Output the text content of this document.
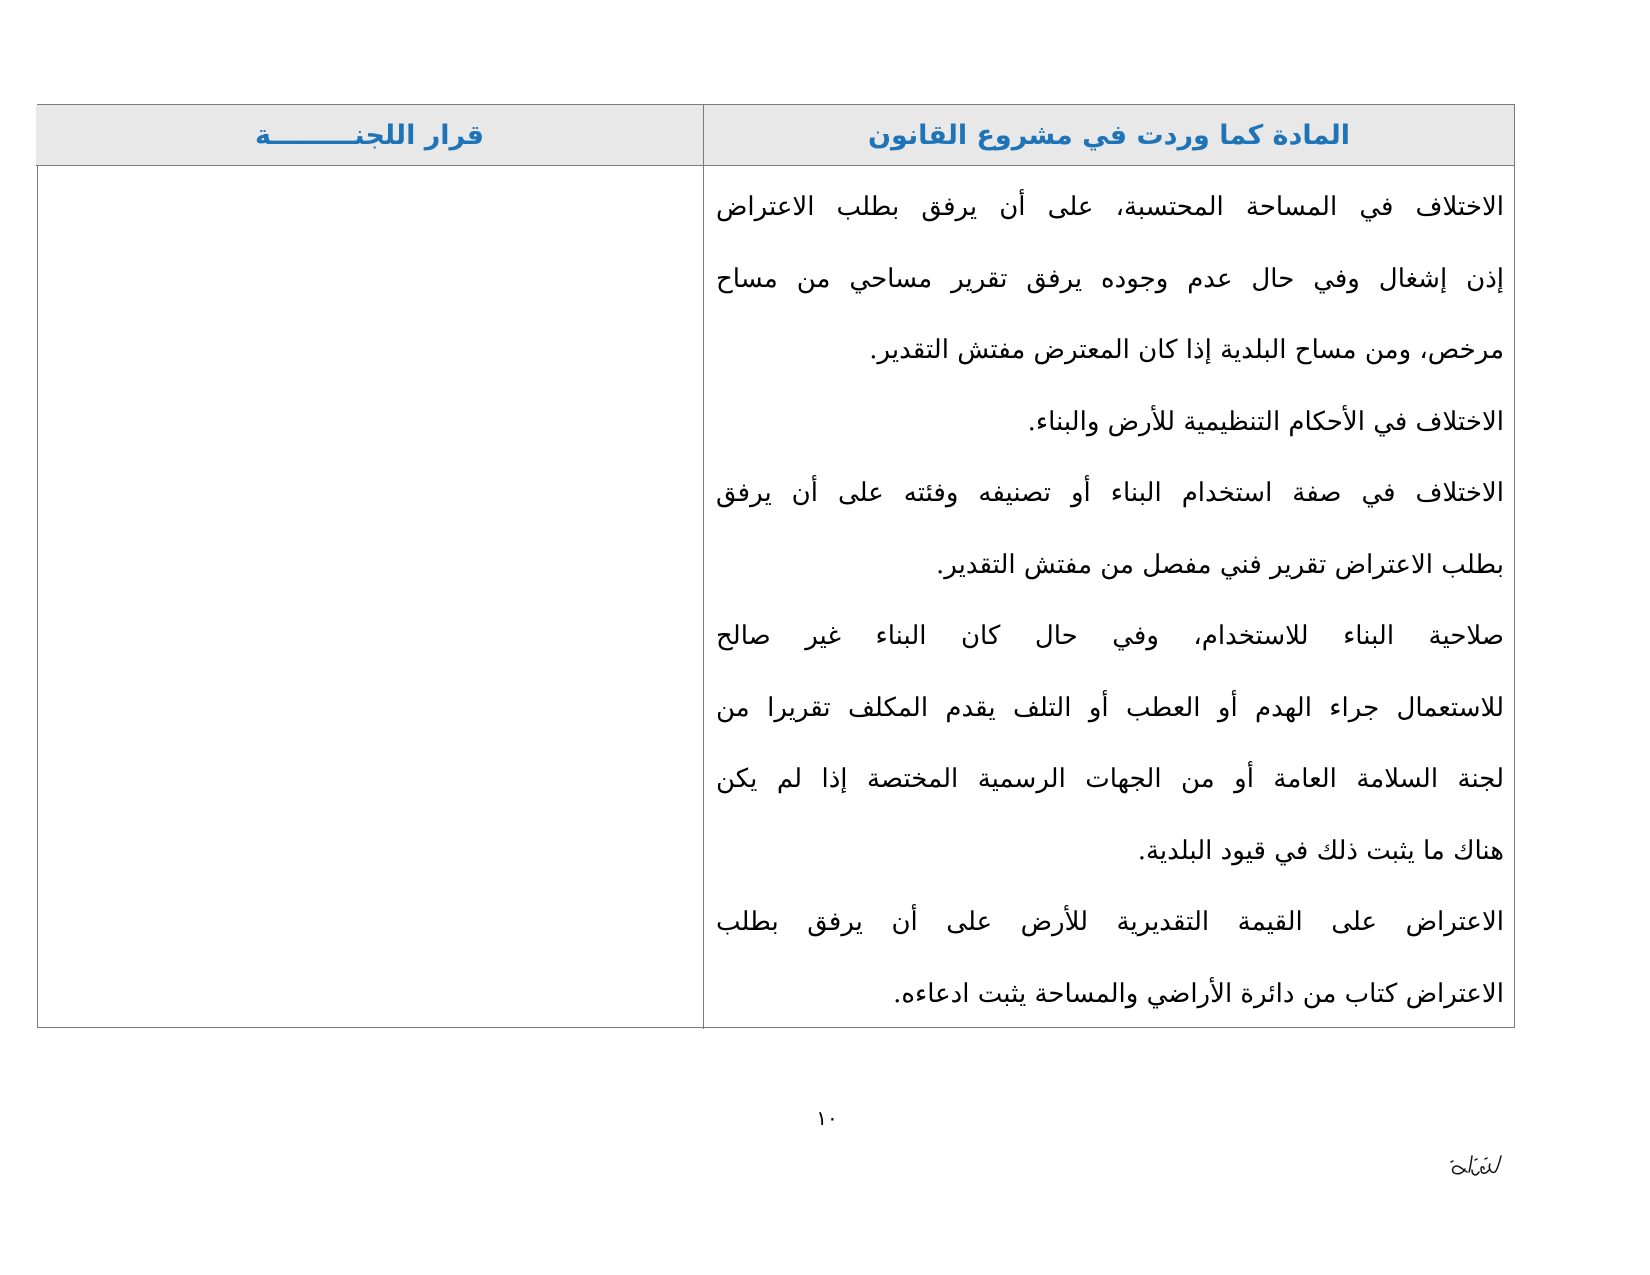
المادة كما وردت في مشروع القانون
قرار اللجنـــــــــة
الاختلاف في المساحة المحتسبة، على أن يرفق بطلب الاعتراض
إذن إشغال وفي حال عدم وجوده يرفق تقرير مساحي من مساح
مرخص، ومن مساح البلدية إذا كان المعترض مفتش التقدير.
الاختلاف في الأحكام التنظيمية للأرض والبناء.
الاختلاف في صفة استخدام البناء أو تصنيفه وفئته على أن يرفق
بطلب الاعتراض تقرير فني مفصل من مفتش التقدير.
صلاحية البناء للاستخدام، وفي حال كان البناء غير صالح
للاستعمال جراء الهدم أو العطب أو التلف يقدم المكلف تقريرا من
لجنة السلامة العامة أو من الجهات الرسمية المختصة إذا لم يكن
هناك ما يثبت ذلك في قيود البلدية.
الاعتراض على القيمة التقديرية للأرض على أن يرفق بطلب
الاعتراض كتاب من دائرة الأراضي والمساحة يثبت ادعاءه.
١٠
